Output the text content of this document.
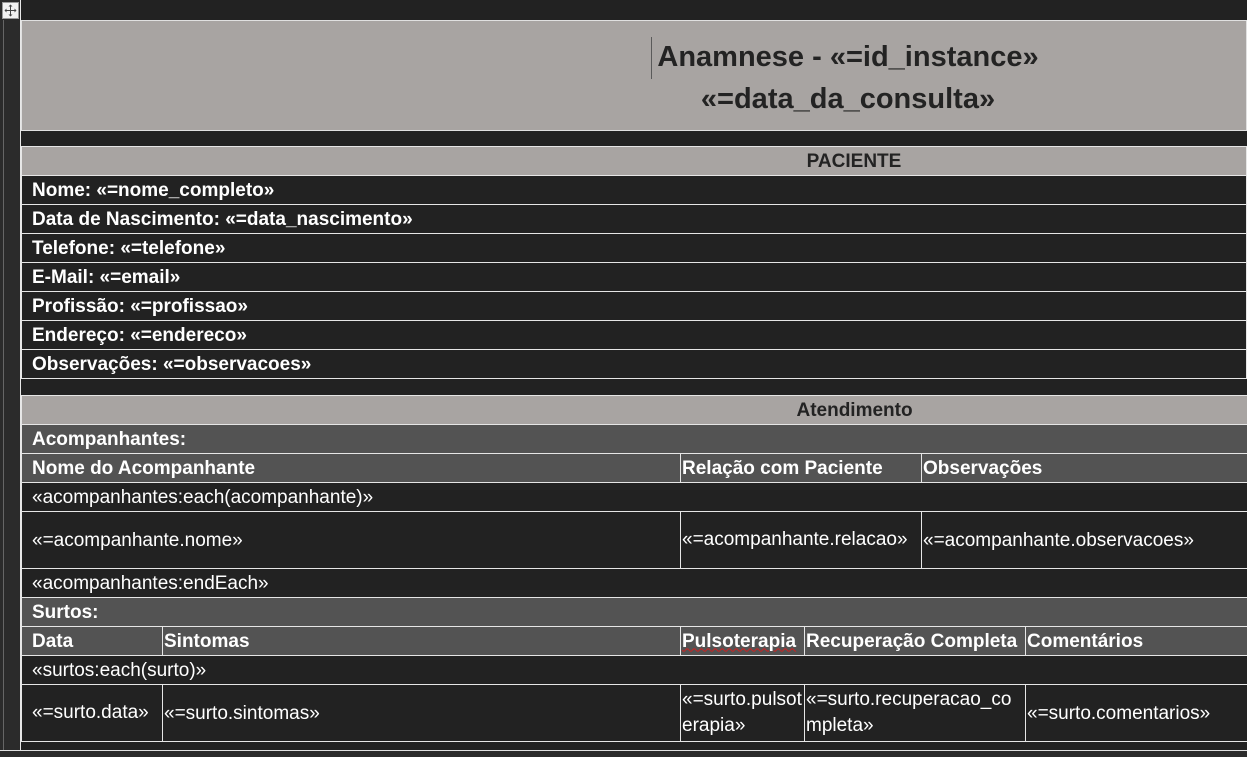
Anamnese - «=id_instance»
«=data_da_consulta»
PACIENTE
Nome: «=nome_completo»
Data de Nascimento: «=data_nascimento»
Telefone: «=telefone»
E-Mail: «=email»
Profissão: «=profissao»
Endereço: «=endereco»
Observações: «=observacoes»
Atendimento					
Acompanhantes:					
Nome do Acompanhante		Relação com Paciente		Observações	
«acompanhantes:each(acompanhante)»					
«=acompanhante.nome»		«=acompanhante.relacao»		«=acompanhante.observacoes»	
«acompanhantes:endEach»					
Surtos:					
Data	Sintomas	Pulsoterapia	Recuperação Completa		Comentários
«surtos:each(surto)»					
«=surto.data»	«=surto.sintomas»	«=surto.pulsoterapia»	«=surto.recuperacao_completa»		«=surto.comentarios»
